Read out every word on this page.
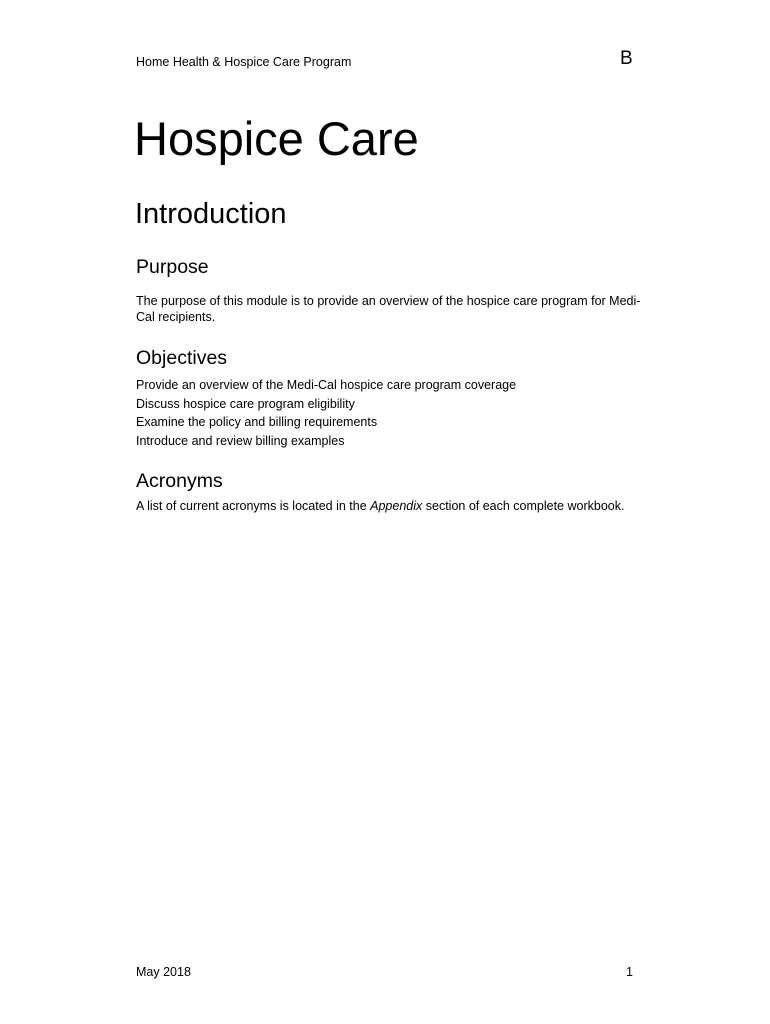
Home Health & Hospice Care Program	B
Hospice Care
Introduction
Purpose

The purpose of this module is to provide an overview of the hospice care program for Medi-Cal recipients.

Objectives
Provide an overview of the Medi-Cal hospice care program coverage
Discuss hospice care program eligibility
Examine the policy and billing requirements
Introduce and review billing examples
Acronyms

A list of current acronyms is located in the Appendix section of each complete workbook.

May 2018	1
